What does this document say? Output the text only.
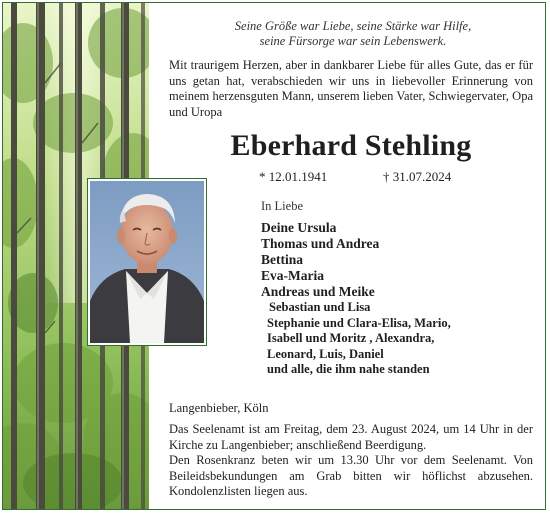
Seine Größe war Liebe, seine Stärke war Hilfe,
seine Fürsorge war sein Lebenswerk.
Mit traurigem Herzen, aber in dankbarer Liebe für alles Gute, das er für uns getan hat, verabschieden wir uns in liebevoller Erinnerung von meinem herzensguten Mann, unserem lieben Vater, Schwiegervater, Opa und Uropa
Eberhard Stehling
* 12.01.1941	† 31.07.2024
In Liebe
Deine Ursula
Thomas und Andrea
Bettina
Eva-Maria
Andreas und Meike
Sebastian und Lisa
Stephanie und Clara-Elisa, Mario,
Isabell und Moritz , Alexandra,
Leonard, Luis, Daniel
und alle, die ihm nahe standen
Langenbieber, Köln
Das Seelenamt ist am Freitag, dem 23. August 2024, um 14 Uhr in der Kirche zu Langenbieber; anschließend Beerdigung.
Den Rosenkranz beten wir um 13.30 Uhr vor dem Seelenamt. Von Beileidsbekundungen am Grab bitten wir höflichst abzusehen. Kondolenzlisten liegen aus.
